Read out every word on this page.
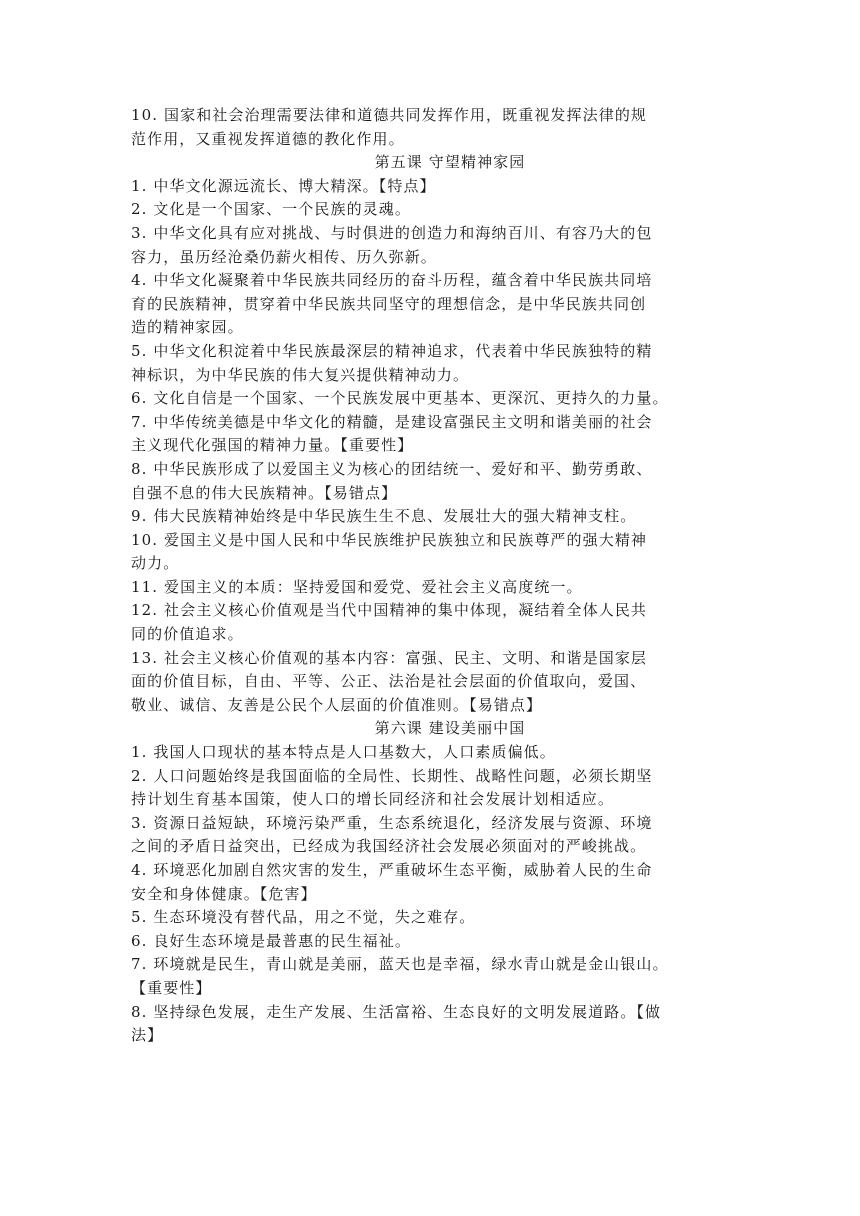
10. 国家和社会治理需要法律和道德共同发挥作用，既重视发挥法律的规
范作用，又重视发挥道德的教化作用。
第五课 守望精神家园
1. 中华文化源远流长、博大精深。【特点】
2. 文化是一个国家、一个民族的灵魂。
3. 中华文化具有应对挑战、与时俱进的创造力和海纳百川、有容乃大的包
容力，虽历经沧桑仍薪火相传、历久弥新。
4. 中华文化凝聚着中华民族共同经历的奋斗历程，蕴含着中华民族共同培
育的民族精神，贯穿着中华民族共同坚守的理想信念，是中华民族共同创
造的精神家园。
5. 中华文化积淀着中华民族最深层的精神追求，代表着中华民族独特的精
神标识，为中华民族的伟大复兴提供精神动力。
6. 文化自信是一个国家、一个民族发展中更基本、更深沉、更持久的力量。
7. 中华传统美德是中华文化的精髓，是建设富强民主文明和谐美丽的社会
主义现代化强国的精神力量。【重要性】
8. 中华民族形成了以爱国主义为核心的团结统一、爱好和平、勤劳勇敢、
自强不息的伟大民族精神。【易错点】
9. 伟大民族精神始终是中华民族生生不息、发展壮大的强大精神支柱。
10. 爱国主义是中国人民和中华民族维护民族独立和民族尊严的强大精神
动力。
11. 爱国主义的本质：坚持爱国和爱党、爱社会主义高度统一。
12. 社会主义核心价值观是当代中国精神的集中体现，凝结着全体人民共
同的价值追求。
13. 社会主义核心价值观的基本内容：富强、民主、文明、和谐是国家层
面的价值目标，自由、平等、公正、法治是社会层面的价值取向，爱国、
敬业、诚信、友善是公民个人层面的价值准则。【易错点】
第六课 建设美丽中国
1. 我国人口现状的基本特点是人口基数大，人口素质偏低。
2. 人口问题始终是我国面临的全局性、长期性、战略性问题，必须长期坚
持计划生育基本国策，使人口的增长同经济和社会发展计划相适应。
3. 资源日益短缺，环境污染严重，生态系统退化，经济发展与资源、环境
之间的矛盾日益突出，已经成为我国经济社会发展必须面对的严峻挑战。
4. 环境恶化加剧自然灾害的发生，严重破坏生态平衡，威胁着人民的生命
安全和身体健康。【危害】
5. 生态环境没有替代品，用之不觉，失之难存。
6. 良好生态环境是最普惠的民生福祉。
7. 环境就是民生，青山就是美丽，蓝天也是幸福，绿水青山就是金山银山。
【重要性】
8. 坚持绿色发展，走生产发展、生活富裕、生态良好的文明发展道路。【做
法】
